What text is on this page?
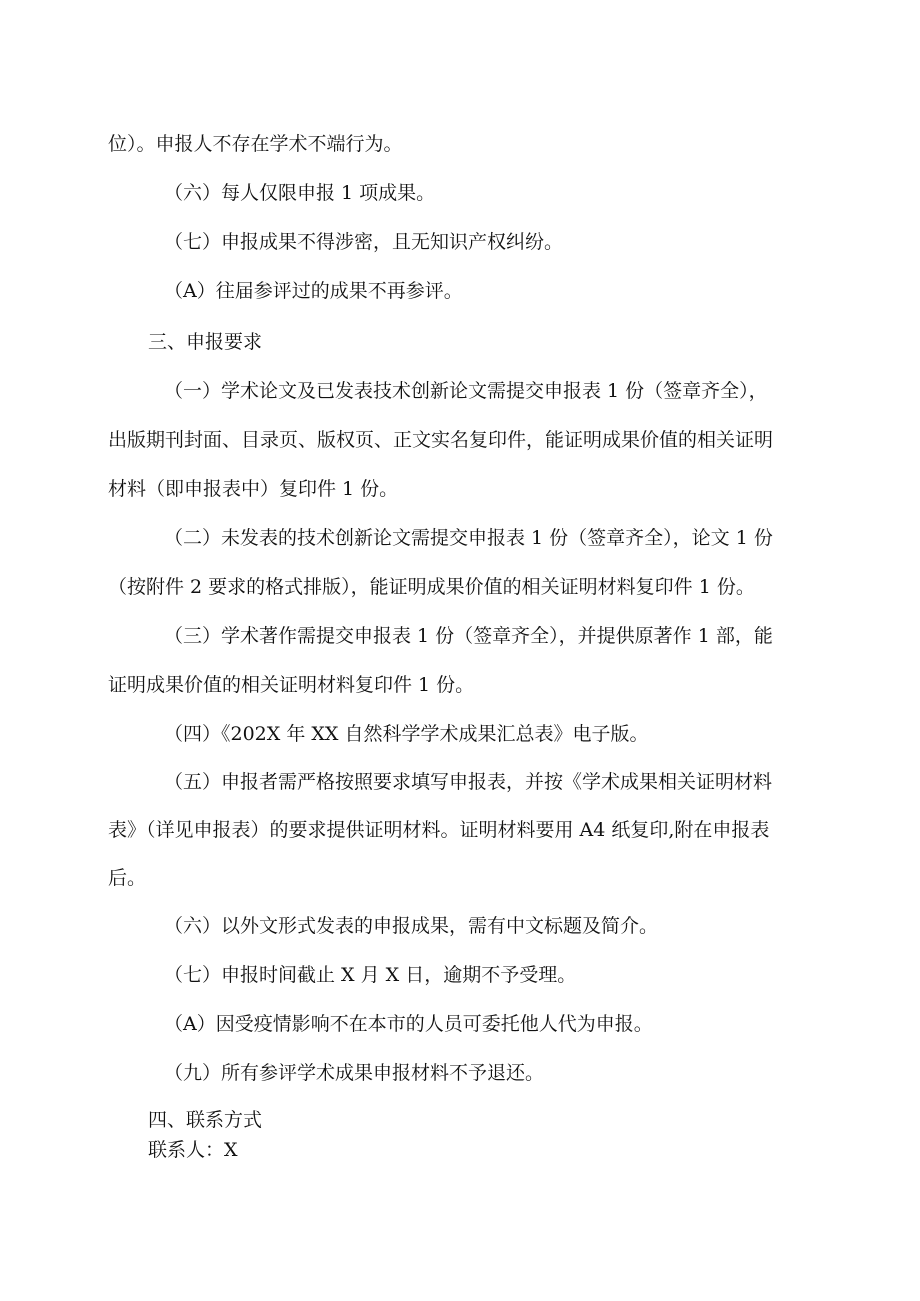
位）。申报人不存在学术不端行为。

（六）每人仅限申报 1 项成果。

（七）申报成果不得涉密，且无知识产权纠纷。

（A）往届参评过的成果不再参评。

三、申报要求

（一）学术论文及已发表技术创新论文需提交申报表 1 份（签章齐全），

出版期刊封面、目录页、版权页、正文实名复印件，能证明成果价值的相关证明

材料（即申报表中）复印件 1 份。

（二）未发表的技术创新论文需提交申报表 1 份（签章齐全），论文 1 份

（按附件 2 要求的格式排版），能证明成果价值的相关证明材料复印件 1 份。

（三）学术著作需提交申报表 1 份（签章齐全），并提供原著作 1 部，能

证明成果价值的相关证明材料复印件 1 份。

（四）《202X 年 XX 自然科学学术成果汇总表》电子版。

（五）申报者需严格按照要求填写申报表，并按《学术成果相关证明材料

表》（详见申报表）的要求提供证明材料。证明材料要用 A4 纸复印,附在申报表

后。

（六）以外文形式发表的申报成果，需有中文标题及简介。

（七）申报时间截止 X 月 X 日，逾期不予受理。

（A）因受疫情影响不在本市的人员可委托他人代为申报。

（九）所有参评学术成果申报材料不予退还。

四、联系方式

联系人：X
